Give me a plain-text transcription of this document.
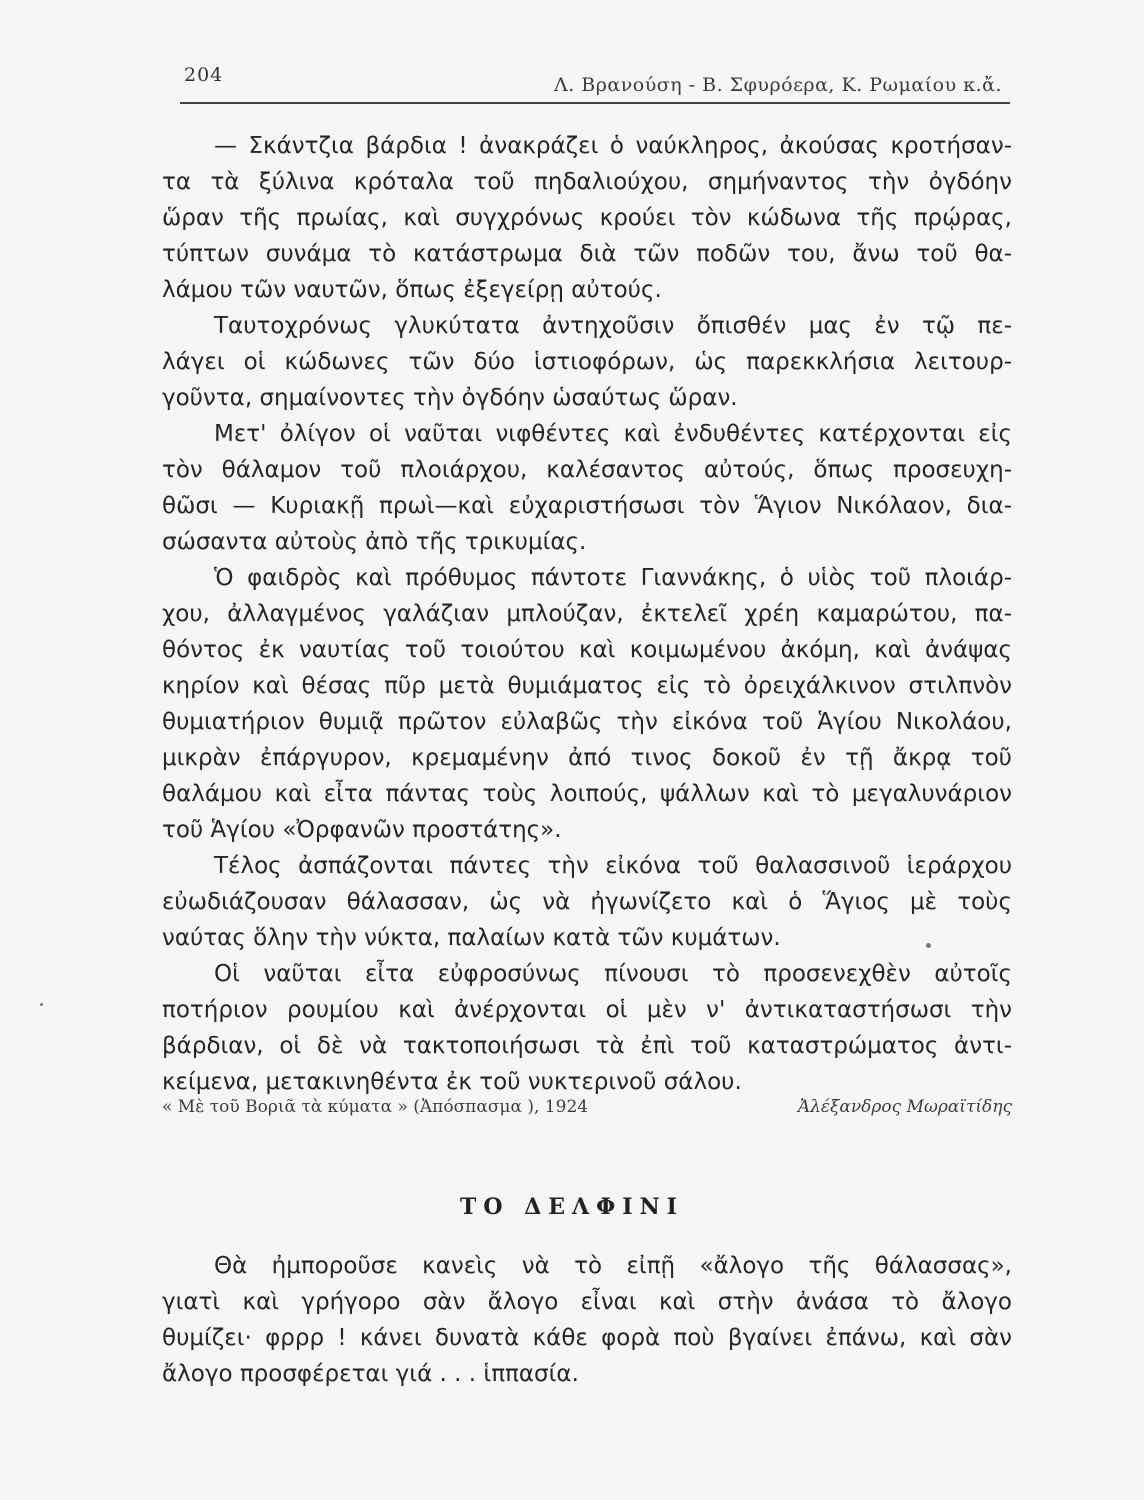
204	Λ. Βρανούση - Β. Σφυρόερα, Κ. Ρωμαίου κ.ἄ.
— Σκάντζια βάρδια ! ἀνακράζει ὁ ναύκληρος, ἀκούσας κροτήσαν-
τα τὰ ξύλινα κρόταλα τοῦ πηδαλιούχου, σημήναντος τὴν ὀγδόην
ὥραν τῆς πρωίας, καὶ συγχρόνως κρούει τὸν κώδωνα τῆς πρῴρας,
τύπτων συνάμα τὸ κατάστρωμα διὰ τῶν ποδῶν του, ἄνω τοῦ θα-
λάμου τῶν ναυτῶν, ὅπως ἐξεγείρῃ αὐτούς.
Ταυτοχρόνως γλυκύτατα ἀντηχοῦσιν ὄπισθέν μας ἐν τῷ πε-
λάγει οἱ κώδωνες τῶν δύο ἱστιοφόρων, ὡς παρεκκλήσια λειτουρ-
γοῦντα, σημαίνοντες τὴν ὀγδόην ὡσαύτως ὥραν.
Μετ' ὀλίγον οἱ ναῦται νιφθέντες καὶ ἐνδυθέντες κατέρχονται εἰς
τὸν θάλαμον τοῦ πλοιάρχου, καλέσαντος αὐτούς, ὅπως προσευχη-
θῶσι — Κυριακῇ πρωὶ—καὶ εὐχαριστήσωσι τὸν Ἅγιον Νικόλαον, δια-
σώσαντα αὐτοὺς ἀπὸ τῆς τρικυμίας.
Ὁ φαιδρὸς καὶ πρόθυμος πάντοτε Γιαννάκης, ὁ υἱὸς τοῦ πλοιάρ-
χου, ἀλλαγμένος γαλάζιαν μπλούζαν, ἐκτελεῖ χρέη καμαρώτου, πα-
θόντος ἐκ ναυτίας τοῦ τοιούτου καὶ κοιμωμένου ἀκόμη, καὶ ἀνάψας
κηρίον καὶ θέσας πῦρ μετὰ θυμιάματος εἰς τὸ ὀρειχάλκινον στιλπνὸν
θυμιατήριον θυμιᾷ πρῶτον εὐλαβῶς τὴν εἰκόνα τοῦ Ἁγίου Νικολάου,
μικρὰν ἐπάργυρον, κρεμαμένην ἀπό τινος δοκοῦ ἐν τῇ ἄκρᾳ τοῦ
θαλάμου καὶ εἶτα πάντας τοὺς λοιπούς, ψάλλων καὶ τὸ μεγαλυνάριον
τοῦ Ἁγίου «Ὀρφανῶν προστάτης».
Τέλος ἀσπάζονται πάντες τὴν εἰκόνα τοῦ θαλασσινοῦ ἱεράρχου
εὐωδιάζουσαν θάλασσαν, ὡς νὰ ἠγωνίζετο καὶ ὁ Ἅγιος μὲ τοὺς
ναύτας ὅλην τὴν νύκτα, παλαίων κατὰ τῶν κυμάτων.
Οἱ ναῦται εἶτα εὐφροσύνως πίνουσι τὸ προσενεχθὲν αὐτοῖς
ποτήριον ρουμίου καὶ ἀνέρχονται οἱ μὲν ν' ἀντικαταστήσωσι τὴν
βάρδιαν, οἱ δὲ νὰ τακτοποιήσωσι τὰ ἐπὶ τοῦ καταστρώματος ἀντι-
κείμενα, μετακινηθέντα ἐκ τοῦ νυκτερινοῦ σάλου.
« Μὲ τοῦ Βοριᾶ τὰ κύματα » (Ἀπόσπασμα ), 1924	Ἀλέξανδρος Μωραϊτίδης
ΤΟ ΔΕΛΦΙΝΙ
Θὰ ἠμποροῦσε κανεὶς νὰ τὸ εἰπῇ «ἄλογο τῆς θάλασσας»,
γιατὶ καὶ γρήγορο σὰν ἄλογο εἶναι καὶ στὴν ἀνάσα τὸ ἄλογο
θυμίζει· φρρρ ! κάνει δυνατὰ κάθε φορὰ ποὺ βγαίνει ἐπάνω, καὶ σὰν
ἄλογο προσφέρεται γιά . . . ἱππασία.
